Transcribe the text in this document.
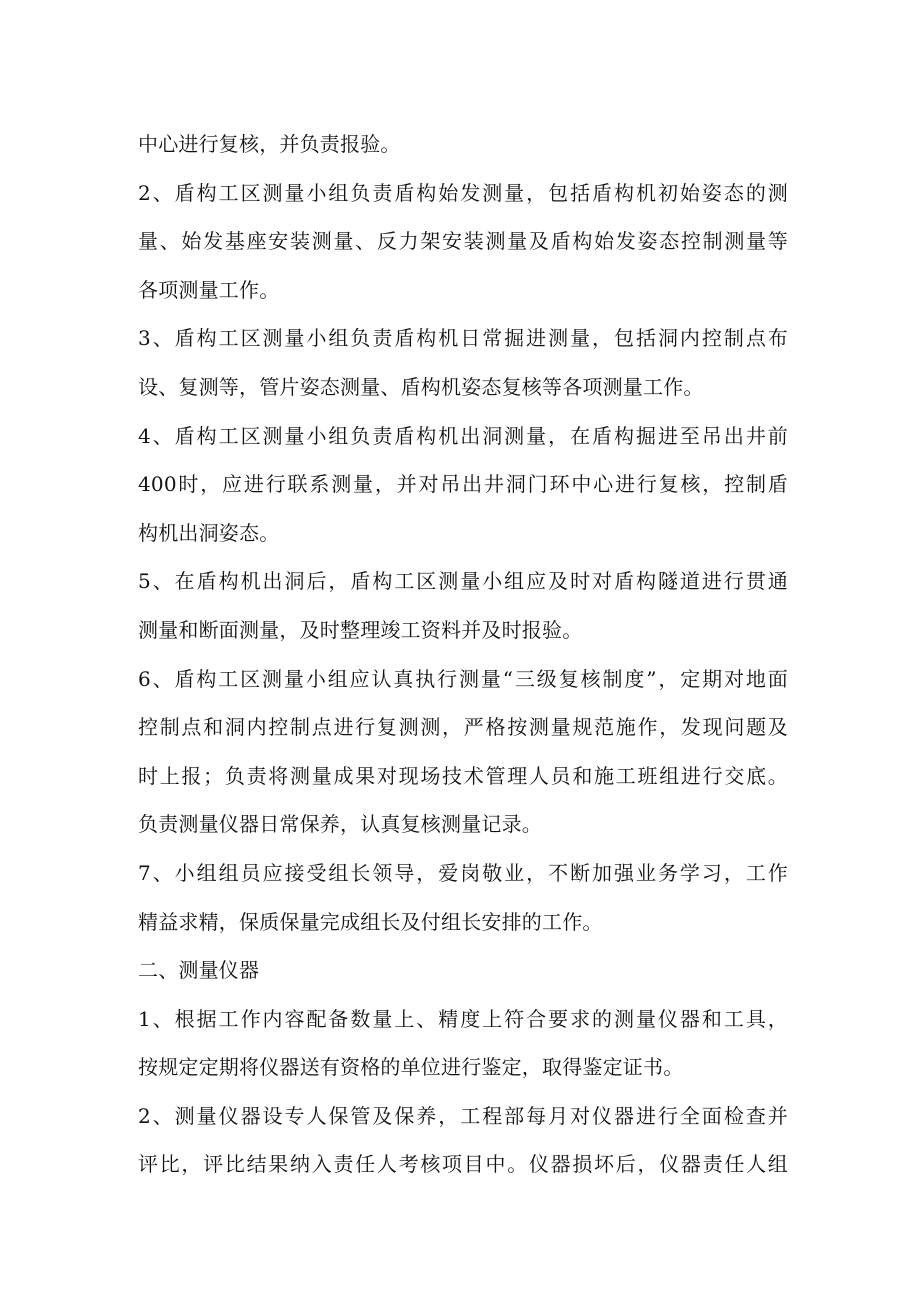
中心进行复核，并负责报验。
2、盾构工区测量小组负责盾构始发测量，包括盾构机初始姿态的测
量、始发基座安装测量、反力架安装测量及盾构始发姿态控制测量等
各项测量工作。
3、盾构工区测量小组负责盾构机日常掘进测量，包括洞内控制点布
设、复测等，管片姿态测量、盾构机姿态复核等各项测量工作。
4、盾构工区测量小组负责盾构机出洞测量，在盾构掘进至吊出井前
400时，应进行联系测量，并对吊出井洞门环中心进行复核，控制盾
构机出洞姿态。
5、在盾构机出洞后，盾构工区测量小组应及时对盾构隧道进行贯通
测量和断面测量，及时整理竣工资料并及时报验。
6、盾构工区测量小组应认真执行测量“三级复核制度”，定期对地面
控制点和洞内控制点进行复测测，严格按测量规范施作，发现问题及
时上报；负责将测量成果对现场技术管理人员和施工班组进行交底。
负责测量仪器日常保养，认真复核测量记录。
7、小组组员应接受组长领导，爱岗敬业，不断加强业务学习，工作
精益求精，保质保量完成组长及付组长安排的工作。
二、测量仪器
1、根据工作内容配备数量上、精度上符合要求的测量仪器和工具，
按规定定期将仪器送有资格的单位进行鉴定，取得鉴定证书。
2、测量仪器设专人保管及保养，工程部每月对仪器进行全面检查并
评比，评比结果纳入责任人考核项目中。仪器损坏后，仪器责任人组
